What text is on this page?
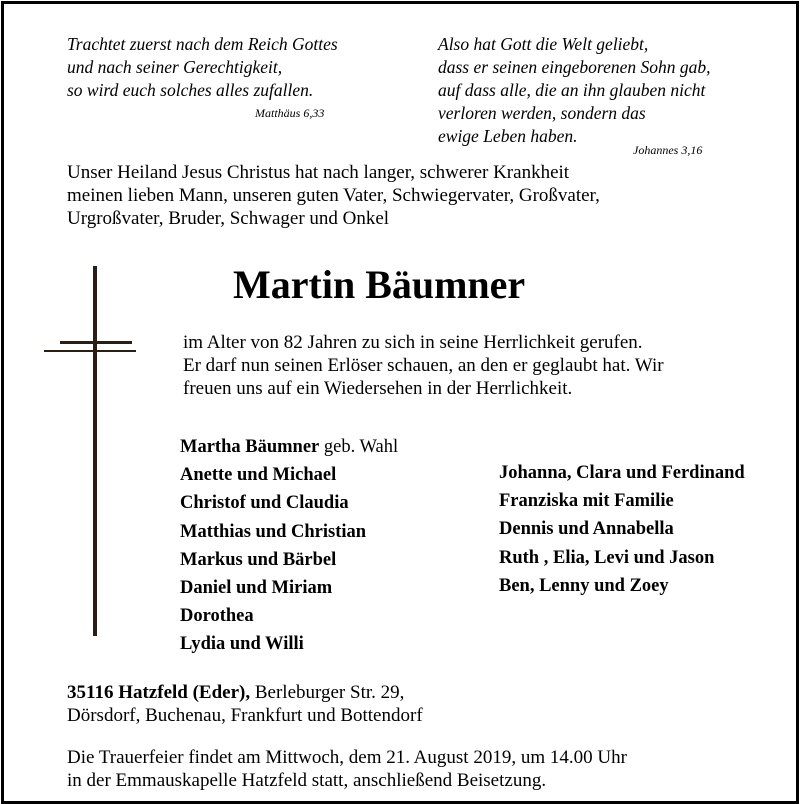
Trachtet zuerst nach dem Reich Gottes
und nach seiner Gerechtigkeit,
so wird euch solches alles zufallen.
Matthäus 6,33
Also hat Gott die Welt geliebt,
dass er seinen eingeborenen Sohn gab,
auf dass alle, die an ihn glauben nicht
verloren werden, sondern das
ewige Leben haben.
Johannes 3,16
Unser Heiland Jesus Christus hat nach langer, schwerer Krankheit
meinen lieben Mann, unseren guten Vater, Schwiegervater, Großvater,
Urgroßvater, Bruder, Schwager und Onkel
Martin Bäumner
im Alter von 82 Jahren zu sich in seine Herrlichkeit gerufen.
Er darf nun seinen Erlöser schauen, an den er geglaubt hat. Wir
freuen uns auf ein Wiedersehen in der Herrlichkeit.
Martha Bäumner geb. Wahl
Anette und Michael
Christof und Claudia
Matthias und Christian
Markus und Bärbel
Daniel und Miriam
Dorothea
Lydia und Willi
Johanna, Clara und Ferdinand
Franziska mit Familie
Dennis und Annabella
Ruth , Elia, Levi und Jason
Ben, Lenny und Zoey
35116 Hatzfeld (Eder), Berleburger Str. 29,
Dörsdorf, Buchenau, Frankfurt und Bottendorf
Die Trauerfeier findet am Mittwoch, dem 21. August 2019, um 14.00 Uhr
in der Emmauskapelle Hatzfeld statt, anschließend Beisetzung.
